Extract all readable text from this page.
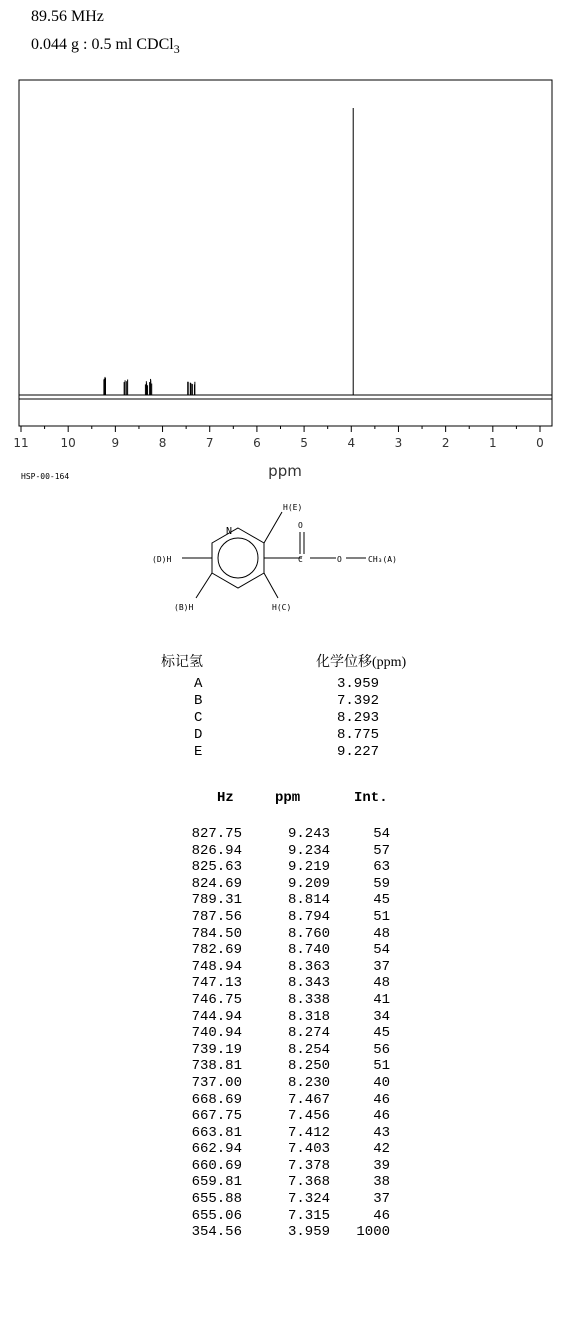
89.56 MHz
0.044 g : 0.5 ml CDCl$_3$
11	10	9	8	7	6	5	4	3	2	1	0
ppm
HSP-00-164
N
H(E)
O
C	O	CH₃(A)
(D)H
(B)H	H(C)
标记氢	化学位移(ppm)
A	3.959
B	7.392
C	8.293
D	8.775
E	9.227
Hz	ppm	Int.
827.75	9.243	54
826.94	9.234	57
825.63	9.219	63
824.69	9.209	59
789.31	8.814	45
787.56	8.794	51
784.50	8.760	48
782.69	8.740	54
748.94	8.363	37
747.13	8.343	48
746.75	8.338	41
744.94	8.318	34
740.94	8.274	45
739.19	8.254	56
738.81	8.250	51
737.00	8.230	40
668.69	7.467	46
667.75	7.456	46
663.81	7.412	43
662.94	7.403	42
660.69	7.378	39
659.81	7.368	38
655.88	7.324	37
655.06	7.315	46
354.56	3.959	1000
